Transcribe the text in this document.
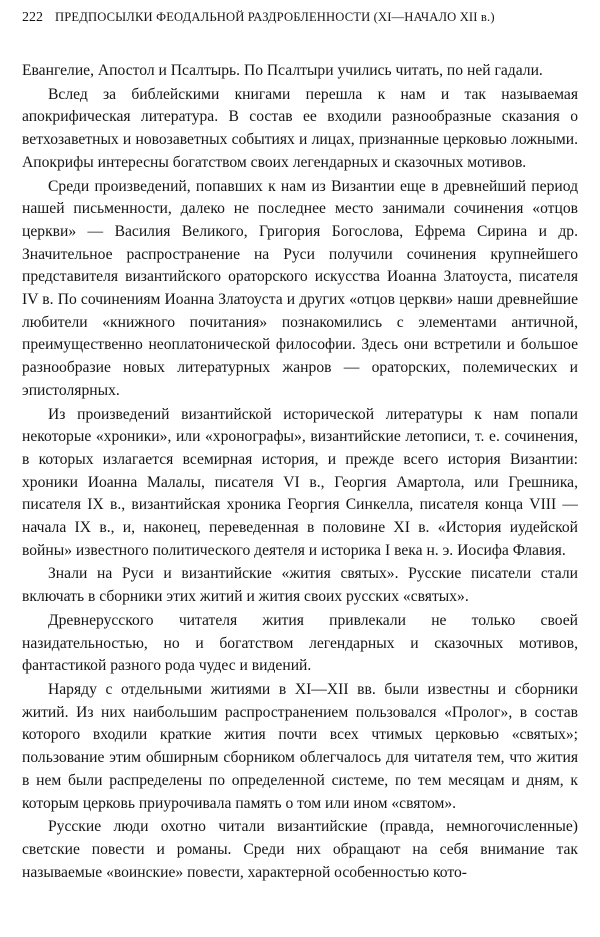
222 ПРЕДПОСЫЛКИ ФЕОДАЛЬНОЙ РАЗДРОБЛЕННОСТИ (XI—НАЧАЛО XII в.)

Евангелие, Апостол и Псалтырь. По Псалтыри учились читать, по ней гадали.

Вслед за библейскими книгами перешла к нам и так называемая апокрифическая литература. В состав ее входили разнообразные сказания о ветхозаветных и новозаветных событиях и лицах, признанные церковью ложными. Апокрифы интересны богатством своих легендарных и сказочных мотивов.

Среди произведений, попавших к нам из Византии еще в древнейший период нашей письменности, далеко не последнее место занимали сочинения «отцов церкви» — Василия Великого, Григория Богослова, Ефрема Сирина и др. Значительное распространение на Руси получили сочинения крупнейшего представителя византийского ораторского искусства Иоанна Златоуста, писателя IV в. По сочинениям Иоанна Златоуста и других «отцов церкви» наши древнейшие любители «книжного почитания» познакомились с элементами античной, преимущественно неоплатонической философии. Здесь они встретили и большое разнообразие новых литературных жанров — ораторских, полемических и эпистолярных.

Из произведений византийской исторической литературы к нам попали некоторые «хроники», или «хронографы», византийские летописи, т. е. сочинения, в которых излагается всемирная история, и прежде всего история Византии: хроники Иоанна Малалы, писателя VI в., Георгия Амартола, или Грешника, писателя IX в., византийская хроника Георгия Синкелла, писателя конца VIII — начала IX в., и, наконец, переведенная в половине XI в. «История иудейской войны» известного политического деятеля и историка I века н. э. Иосифа Флавия.

Знали на Руси и византийские «жития святых». Русские писатели стали включать в сборники этих житий и жития своих русских «святых».

Древнерусского читателя жития привлекали не только своей назидательностью, но и богатством легендарных и сказочных мотивов, фантастикой разного рода чудес и видений.

Наряду с отдельными житиями в XI—XII вв. были известны и сборники житий. Из них наибольшим распространением пользовался «Пролог», в состав которого входили краткие жития почти всех чтимых церковью «святых»; пользование этим обширным сборником облегчалось для читателя тем, что жития в нем были распределены по определенной системе, по тем месяцам и дням, к которым церковь приурочивала память о том или ином «святом».

Русские люди охотно читали византийские (правда, немногочисленные) светские повести и романы. Среди них обращают на себя внимание так называемые «воинские» повести, характерной особенностью кото-
